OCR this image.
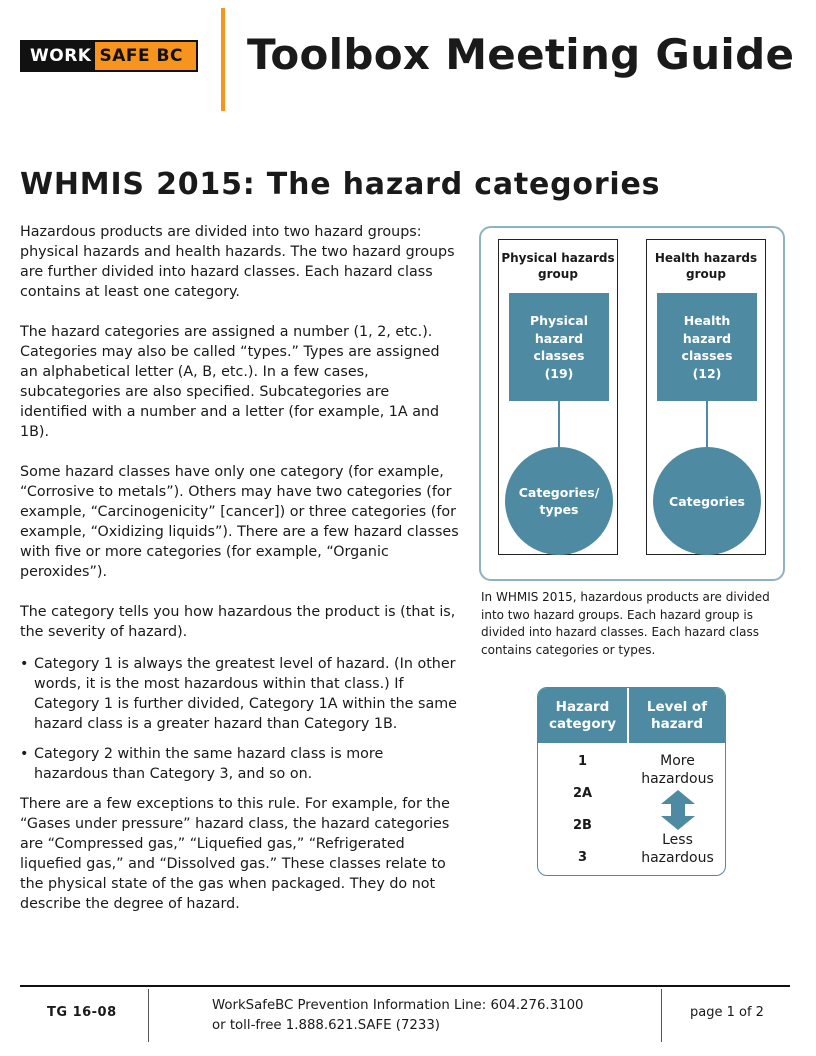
WORK SAFE BC	Toolbox Meeting Guide
WHMIS 2015: The hazard categories

Hazardous products are divided into two hazard groups: physical hazards and health hazards. The two hazard groups are further divided into hazard classes. Each hazard class contains at least one category.

The hazard categories are assigned a number (1, 2, etc.). Categories may also be called “types.” Types are assigned an alphabetical letter (A, B, etc.). In a few cases, subcategories are also specified. Subcategories are identified with a number and a letter (for example, 1A and 1B).

Some hazard classes have only one category (for example, “Corrosive to metals”). Others may have two categories (for example, “Carcinogenicity” [cancer]) or three categories (for example, “Oxidizing liquids”). There are a few hazard classes with five or more categories (for example, “Organic peroxides”).

The category tells you how hazardous the product is (that is, the severity of hazard).

• Category 1 is always the greatest level of hazard. (In other words, it is the most hazardous within that class.) If Category 1 is further divided, Category 1A within the same hazard class is a greater hazard than Category 1B.
• Category 2 within the same hazard class is more hazardous than Category 3, and so on.

There are a few exceptions to this rule. For example, for the “Gases under pressure” hazard class, the hazard categories are “Compressed gas,” “Liquefied gas,” “Refrigerated liquefied gas,” and “Dissolved gas.” These classes relate to the physical state of the gas when packaged. They do not describe the degree of hazard.

Physical hazards
group
Physical
hazard
classes
(19)
Categories/
types
Health hazards
group
Health
hazard
classes
(12)
Categories
In WHMIS 2015, hazardous products are divided into two hazard groups. Each hazard group is divided into hazard classes. Each hazard class contains categories or types.
Hazard
category
Level of
hazard
1
2A
2B
3
More
hazardous
Less
hazardous
TG 16-08	WorkSafeBC Prevention Information Line: 604.276.3100
or toll-free 1.888.621.SAFE (7233)
page 1 of 2
